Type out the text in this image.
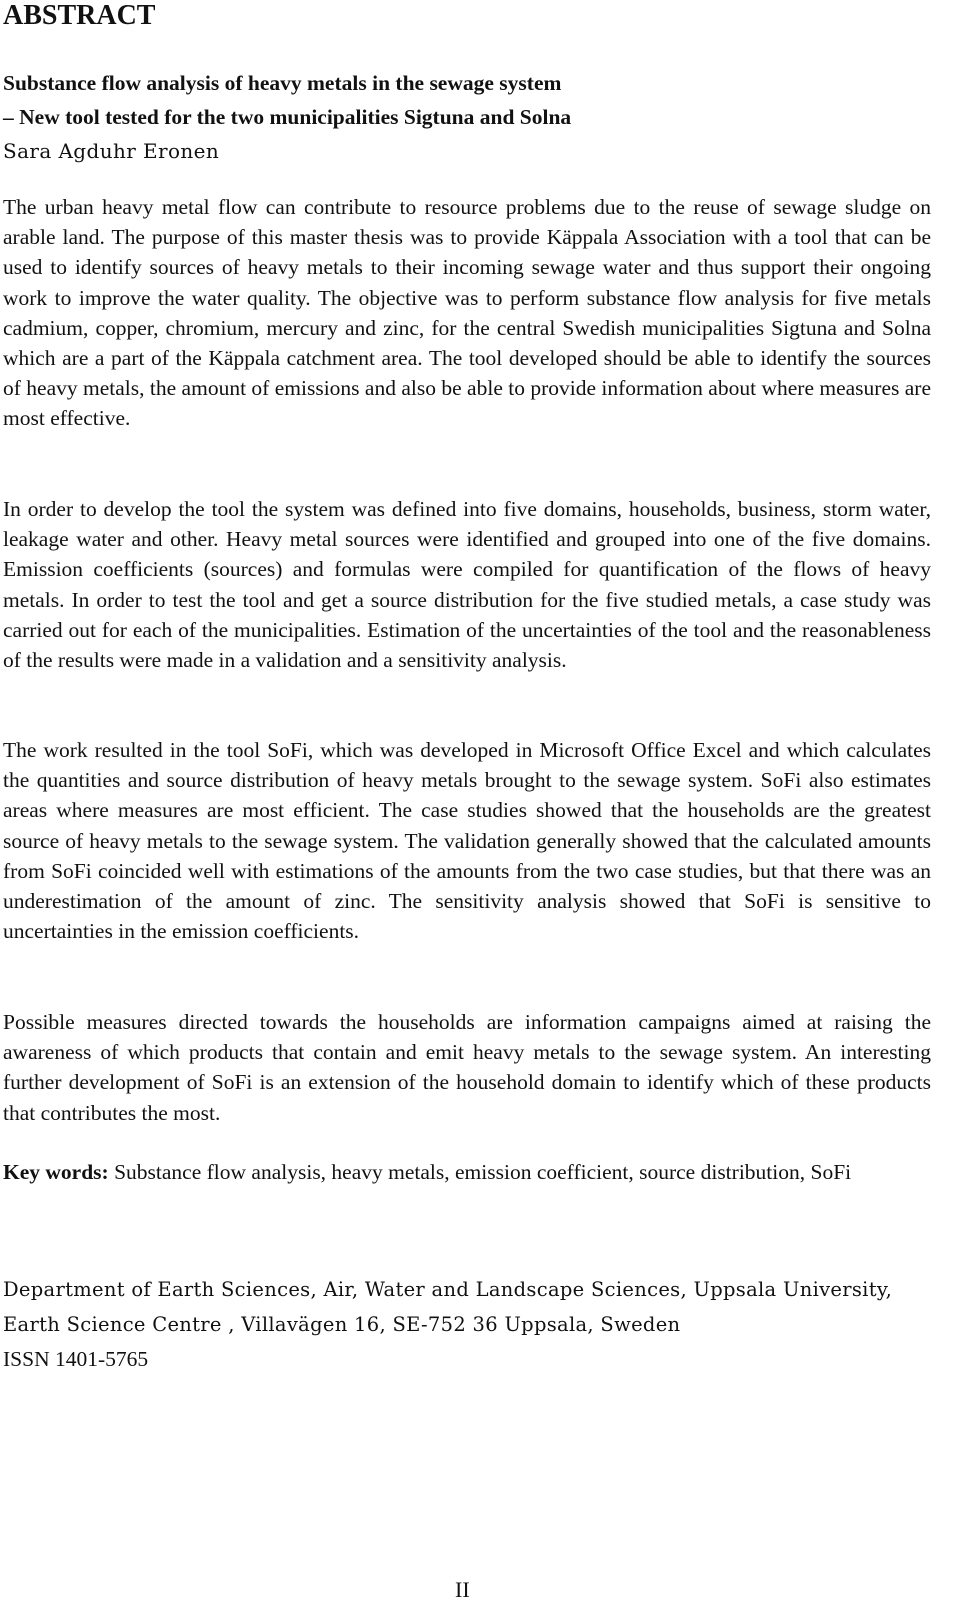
ABSTRACT
Substance flow analysis of heavy metals in the sewage system
– New tool tested for the two municipalities Sigtuna and Solna
Sara Agduhr Eronen

The urban heavy metal flow can contribute to resource problems due to the reuse of sewage sludge on arable land. The purpose of this master thesis was to provide Käppala Association with a tool that can be used to identify sources of heavy metals to their incoming sewage water and thus support their ongoing work to improve the water quality. The objective was to perform substance flow analysis for five metals cadmium, copper, chromium, mercury and zinc, for the central Swedish municipalities Sigtuna and Solna which are a part of the Käppala catchment area. The tool developed should be able to identify the sources of heavy metals, the amount of emissions and also be able to provide information about where measures are most effective.

In order to develop the tool the system was defined into five domains, households, business, storm water, leakage water and other. Heavy metal sources were identified and grouped into one of the five domains. Emission coefficients (sources) and formulas were compiled for quantification of the flows of heavy metals. In order to test the tool and get a source distribution for the five studied metals, a case study was carried out for each of the municipalities. Estimation of the uncertainties of the tool and the reasonableness of the results were made in a validation and a sensitivity analysis.

The work resulted in the tool SoFi, which was developed in Microsoft Office Excel and which calculates the quantities and source distribution of heavy metals brought to the sewage system. SoFi also estimates areas where measures are most efficient. The case studies showed that the households are the greatest source of heavy metals to the sewage system. The validation generally showed that the calculated amounts from SoFi coincided well with estimations of the amounts from the two case studies, but that there was an underestimation of the amount of zinc. The sensitivity analysis showed that SoFi is sensitive to uncertainties in the emission coefficients.

Possible measures directed towards the households are information campaigns aimed at raising the awareness of which products that contain and emit heavy metals to the sewage system. An interesting further development of SoFi is an extension of the household domain to identify which of these products that contributes the most.

Key words: Substance flow analysis, heavy metals, emission coefficient, source distribution, SoFi

Department of Earth Sciences, Air, Water and Landscape Sciences, Uppsala University,
Earth Science Centre , Villavägen 16, SE-752 36 Uppsala, Sweden
ISSN 1401-5765
II
